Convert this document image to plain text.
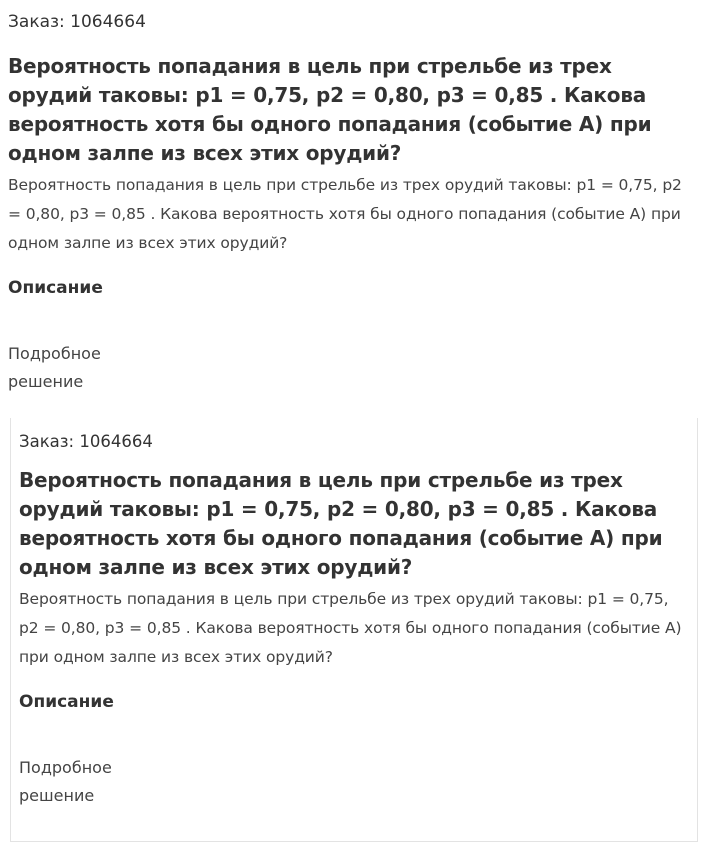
Заказ: 1064664
Вероятность попадания в цель при стрельбе из трех орудий таковы: p1 = 0,75, p2 = 0,80, p3 = 0,85 . Какова вероятность хотя бы одного попадания (событие A) при одном залпе из всех этих орудий?

Вероятность попадания в цель при стрельбе из трех орудий таковы: p1 = 0,75, p2 = 0,80, p3 = 0,85 . Какова вероятность хотя бы одного попадания (событие A) при одном залпе из всех этих орудий?

Описание
Подробное решение
Заказ: 1064664
Вероятность попадания в цель при стрельбе из трех орудий таковы: p1 = 0,75, p2 = 0,80, p3 = 0,85 . Какова вероятность хотя бы одного попадания (событие A) при одном залпе из всех этих орудий?

Вероятность попадания в цель при стрельбе из трех орудий таковы: p1 = 0,75, p2 = 0,80, p3 = 0,85 . Какова вероятность хотя бы одного попадания (событие A) при одном залпе из всех этих орудий?

Описание
Подробное решение
